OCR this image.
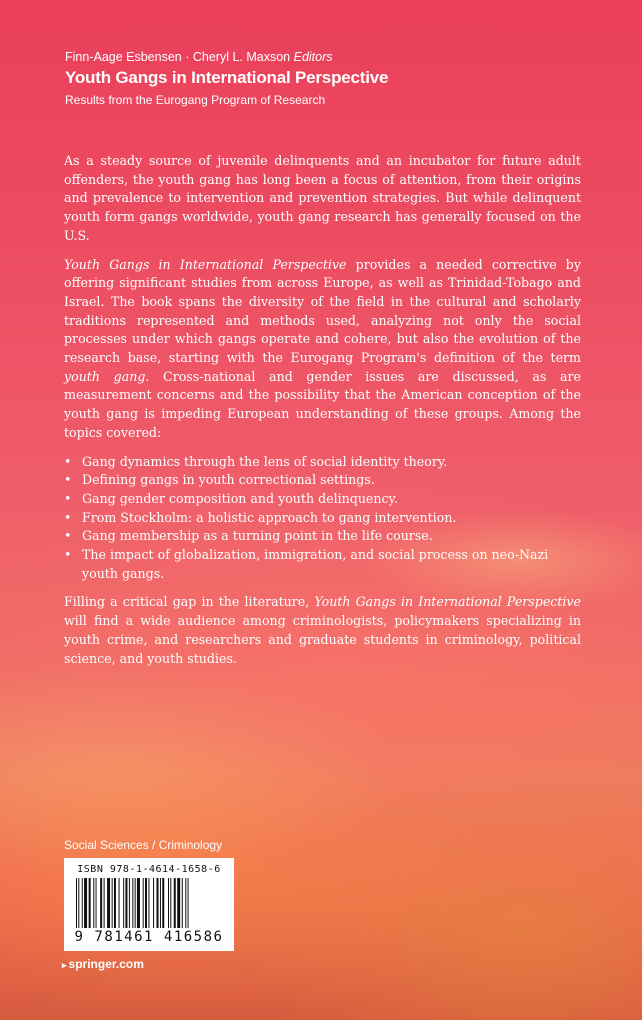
Finn-Aage Esbensen · Cheryl L. Maxson Editors
Youth Gangs in International Perspective
Results from the Eurogang Program of Research

As a steady source of juvenile delinquents and an incubator for future adult offenders, the youth gang has long been a focus of attention, from their origins and prevalence to intervention and prevention strategies. But while delinquent youth form gangs worldwide, youth gang research has generally focused on the U.S.

Youth Gangs in International Perspective provides a needed corrective by offering significant studies from across Europe, as well as Trinidad-Tobago and Israel. The book spans the diversity of the field in the cultural and scholarly traditions represented and methods used, analyzing not only the social processes under which gangs operate and cohere, but also the evolution of the research base, starting with the Eurogang Program's definition of the term youth gang. Cross-national and gender issues are discussed, as are measurement concerns and the possibility that the American conception of the youth gang is impeding European understanding of these groups. Among the topics covered:

• Gang dynamics through the lens of social identity theory.
• Defining gangs in youth correctional settings.
• Gang gender composition and youth delinquency.
• From Stockholm: a holistic approach to gang intervention.
• Gang membership as a turning point in the life course.
• The impact of globalization, immigration, and social process on neo-Nazi youth gangs.

Filling a critical gap in the literature, Youth Gangs in International Perspective will find a wide audience among criminologists, policymakers specializing in youth crime, and researchers and graduate students in criminology, political science, and youth studies.

Social Sciences / Criminology
ISBN 978-1-4614-1658-6
9 781461 416586
▸ springer.com
